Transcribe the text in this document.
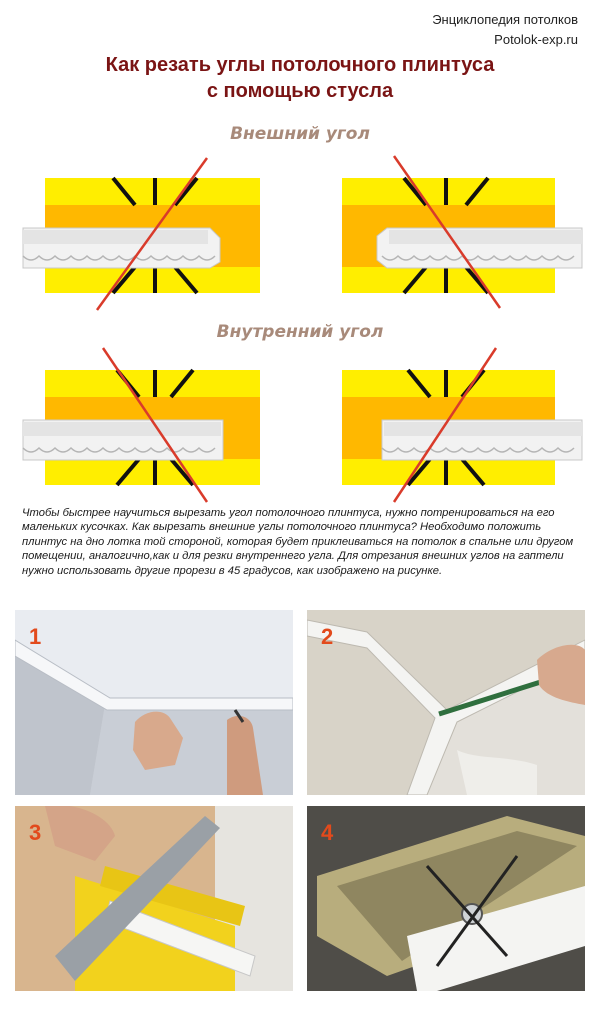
Энциклопедия потолков
Potolok-exp.ru
Как резать углы потолочного плинтуса
с помощью стусла
Внешний угол
Внутренний угол
Чтобы быстрее научиться вырезать угол потолочного плинтуса, нужно потренироваться на его маленьких кусочках. Как вырезать внешние углы потолочного плинтуса? Необходимо положить плинтус на дно лотка той стороной, которая будет приклеиваться на потолок в спальне или другом помещении, аналогично,как и для резки внутреннего угла. Для отрезания внешних углов на гаптели нужно использовать другие прорези в 45 градусов, как изображено на рисунке.
1	2
3	4
